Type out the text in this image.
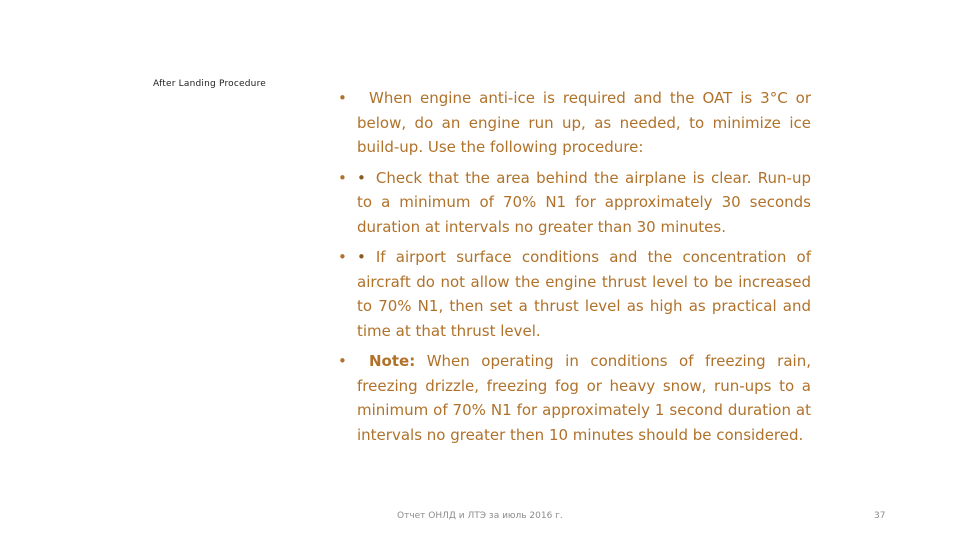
After Landing Procedure
• When engine anti-ice is required and the OAT is 3°C or below, do an engine run up, as needed, to minimize ice build-up. Use the following procedure:
• • Check that the area behind the airplane is clear. Run-up to a minimum of 70% N1 for approximately 30 seconds duration at intervals no greater than 30 minutes.
• • If airport surface conditions and the concentration of aircraft do not allow the engine thrust level to be increased to 70% N1, then set a thrust level as high as practical and time at that thrust level.
• Note: When operating in conditions of freezing rain, freezing drizzle, freezing fog or heavy snow, run-ups to a minimum of 70% N1 for approximately 1 second duration at intervals no greater then 10 minutes should be considered.
Отчет ОНЛД и ЛТЭ за июль 2016 г.	37
